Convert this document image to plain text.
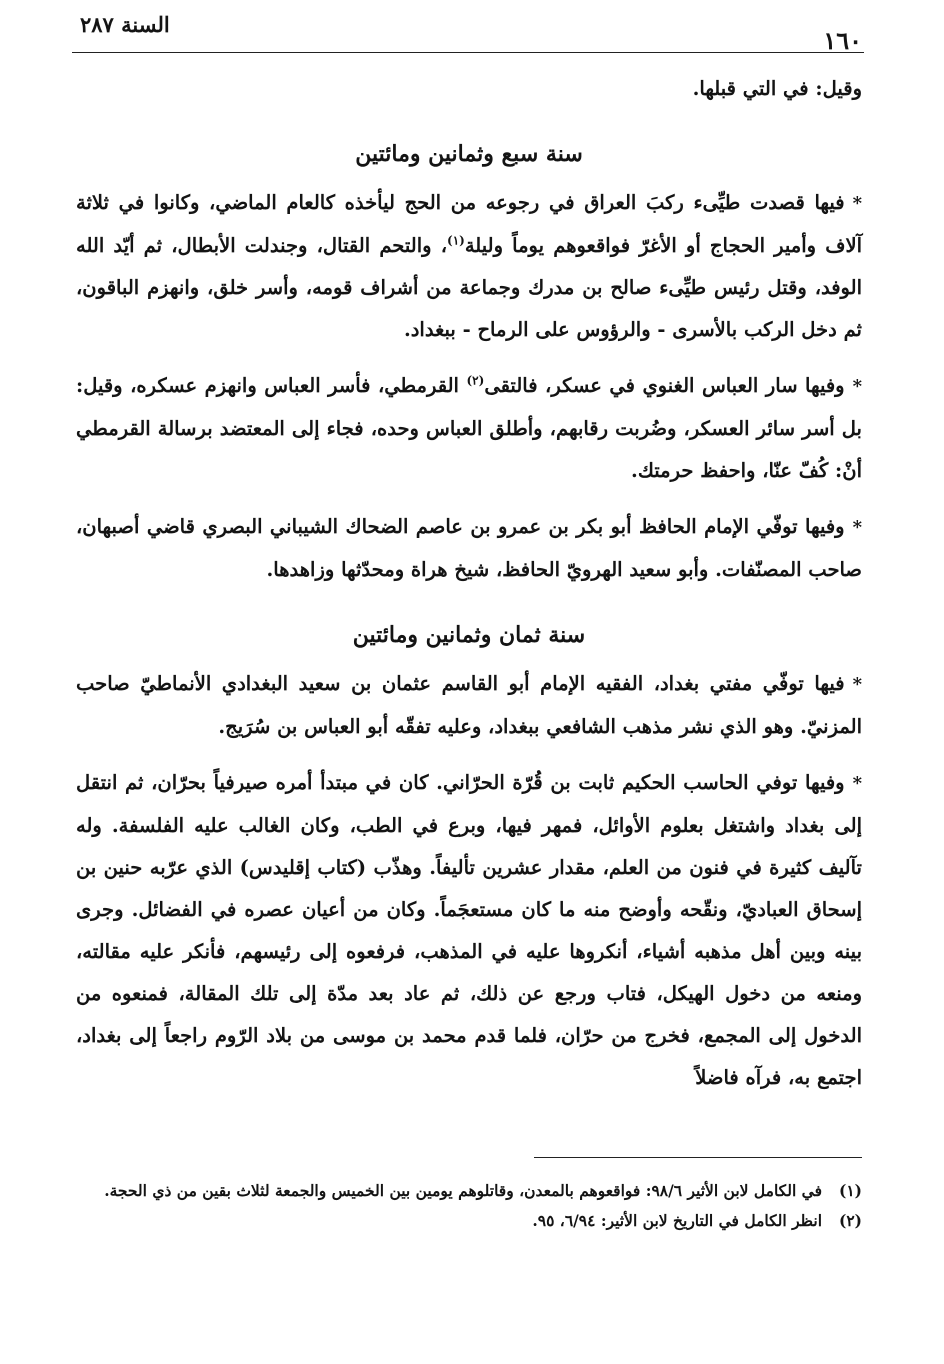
١٦٠
السنة ٢٨٧

وقيل: في التي قبلها.

سنة سبع وثمانين ومائتين

*فيها قصدت طيِّىء ركبَ العراق في رجوعه من الحج ليأخذه كالعام الماضي، وكانوا في ثلاثة آلاف وأمير الحجاج أو الأغرّ فواقعوهم يوماً وليلة$^{(١)}$، والتحم القتال، وجندلت الأبطال، ثم أيّد الله الوفد، وقتل رئيس طيِّىء صالح بن مدرك وجماعة من أشراف قومه، وأسر خلق، وانهزم الباقون، ثم دخل الركب بالأسرى - والرؤوس على الرماح - ببغداد.

*وفيها سار العباس الغنوي في عسكر، فالتقى$^{(٢)}$ القرمطي، فأسر العباس وانهزم عسكره، وقيل: بل أسر سائر العسكر، وضُربت رقابهم، وأطلق العباس وحده، فجاء إلى المعتضد برسالة القرمطي أنْ: كُفّ عنّا، واحفظ حرمتك.

*وفيها توفّي الإمام الحافظ أبو بكر بن عمرو بن عاصم الضحاك الشيباني البصري قاضي أصبهان، صاحب المصنّفات. وأبو سعيد الهرويّ الحافظ، شيخ هراة ومحدّثها وزاهدها.

سنة ثمان وثمانين ومائتين

*فيها توفّي مفتي بغداد، الفقيه الإمام أبو القاسم عثمان بن سعيد البغدادي الأنماطيّ صاحب المزنيّ. وهو الذي نشر مذهب الشافعي ببغداد، وعليه تفقّه أبو العباس بن سُرَيج.

*وفيها توفي الحاسب الحكيم ثابت بن قُرّة الحرّاني. كان في مبتدأ أمره صيرفياً بحرّان، ثم انتقل إلى بغداد واشتغل بعلوم الأوائل، فمهر فيها، وبرع في الطب، وكان الغالب عليه الفلسفة. وله تآليف كثيرة في فنون من العلم، مقدار عشرين تأليفاً. وهذّب (كتاب إقليدس) الذي عرّبه حنين بن إسحاق العباديّ، ونقّحه وأوضح منه ما كان مستعجَماً. وكان من أعيان عصره في الفضائل. وجرى بينه وبين أهل مذهبه أشياء، أنكروها عليه في المذهب، فرفعوه إلى رئيسهم، فأنكر عليه مقالته، ومنعه من دخول الهيكل، فتاب ورجع عن ذلك، ثم عاد بعد مدّة إلى تلك المقالة، فمنعوه من الدخول إلى المجمع، فخرج من حرّان، فلما قدم محمد بن موسى من بلاد الرّوم راجعاً إلى بغداد، اجتمع به، فرآه فاضلاً

(١)
في الكامل لابن الأثير ٩٨/٦: فواقعوهم بالمعدن، وقاتلوهم يومين بين الخميس والجمعة لثلاث بقين من ذي الحجة.
(٢)
انظر الكامل في التاريخ لابن الأثير: ٦/٩٤، ٩٥.
